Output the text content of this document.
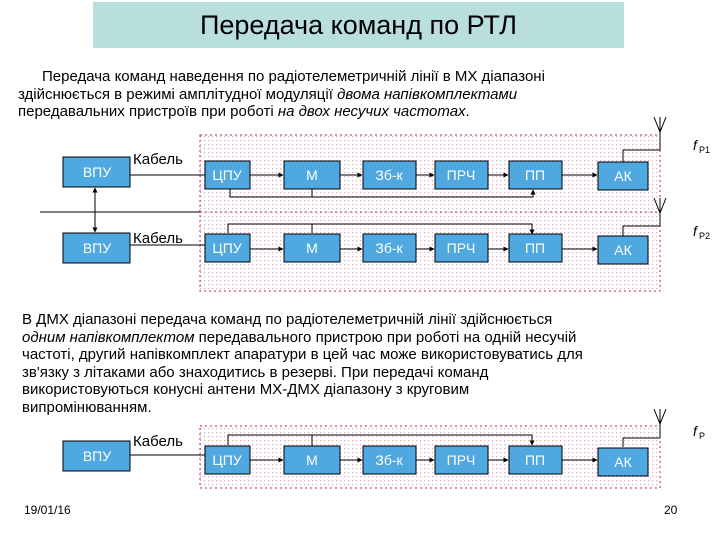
Передача команд по РТЛ
Передача команд наведення по радіотелеметричній лінії в МХ діапазоні
здійснюється в режимі амплітудної модуляції двома напівкомплектами
передавальних пристроїв при роботі на двох несучих частотах.
В ДМХ діапазоні передача команд по радіотелеметричній лінії здійснюється
одним напівкомплектом передавального пристрою при роботі на одній несучій
частоті, другий напівкомплект апаратури в цей час може використовуватись для
зв'язку з літаками або знаходитись в резерві. При передачі команд
використовуються конусні антени МХ-ДМХ діапазону з круговим
випромінюванням.
ВПУ	ЦПУ	М	Зб-к	ПРЧ	ПП	АК
Кабель
ВПУ	ЦПУ	М	Зб-к	ПРЧ	ПП	АК
Кабель
ВПУ	ЦПУ	М	Зб-к	ПРЧ	ПП	АК
Кабель
f Р1
f Р2
f Р
19/01/16	20
